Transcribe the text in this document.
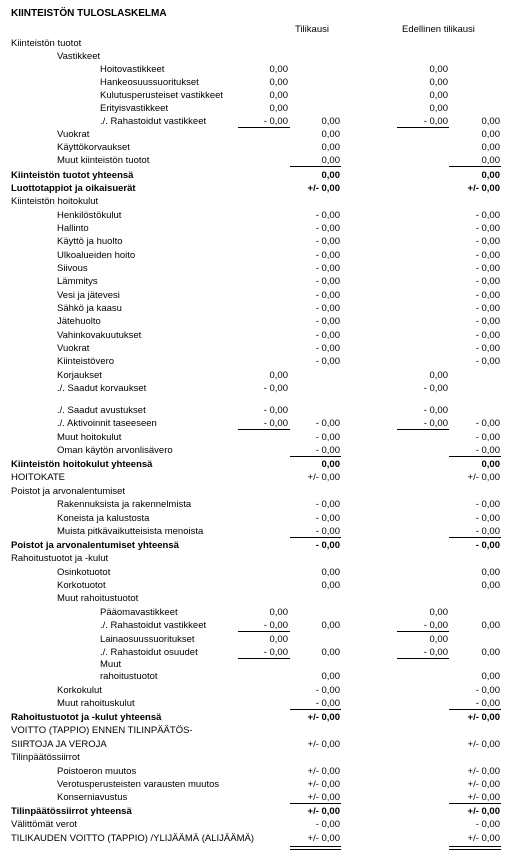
KIINTEISTÖN TULOSLASKELMA
Tilikausi	Edellinen tilikausi
Kiinteistön tuotot
Vastikkeet
Hoitovastikkeet	0,00	0,00
Hankeosuussuoritukset	0,00	0,00
Kulutusperusteiset vastikkeet	0,00	0,00
Erityisvastikkeet	0,00	0,00
./. Rahastoidut vastikkeet	- 0,00	0,00	- 0,00	0,00
Vuokrat	0,00	0,00
Käyttökorvaukset	0,00	0,00
Muut kiinteistön tuotot	0,00	0,00
Kiinteistön tuotot yhteensä	0,00	0,00
Luottotappiot ja oikaisuerät	+/- 0,00	+/- 0,00
Kiinteistön hoitokulut
Henkilöstökulut	- 0,00	- 0,00
Hallinto	- 0,00	- 0,00
Käyttö ja huolto	- 0,00	- 0,00
Ulkoalueiden hoito	- 0,00	- 0,00
Siivous	- 0,00	- 0,00
Lämmitys	- 0,00	- 0,00
Vesi ja jätevesi	- 0,00	- 0,00
Sähkö ja kaasu	- 0,00	- 0,00
Jätehuolto	- 0,00	- 0,00
Vahinkovakuutukset	- 0,00	- 0,00
Vuokrat	- 0,00	- 0,00
Kiinteistövero	- 0,00	- 0,00
Korjaukset	0,00	0,00
./. Saadut korvaukset	- 0,00	- 0,00
./. Saadut avustukset	- 0,00	- 0,00
./. Aktivoinnit taseeseen	- 0,00	- 0,00	- 0,00	- 0,00
Muut hoitokulut	- 0,00	- 0,00
Oman käytön arvonlisävero	- 0,00	- 0,00
Kiinteistön hoitokulut yhteensä	0,00	0,00
HOITOKATE	+/- 0,00	+/- 0,00
Poistot ja arvonalentumiset
Rakennuksista ja rakennelmista	- 0,00	- 0,00
Koneista ja kalustosta	- 0,00	- 0,00
Muista pitkävaikutteisista menoista	- 0,00	- 0,00
Poistot ja arvonalentumiset yhteensä	- 0,00	- 0,00
Rahoitustuotot ja -kulut
Osinkotuotot	0,00	0,00
Korkotuotot	0,00	0,00
Muut rahoitustuotot
Pääomavastikkeet	0,00	0,00
./. Rahastoidut vastikkeet	- 0,00	0,00	- 0,00	0,00
Lainaosuussuoritukset	0,00	0,00
./. Rahastoidut osuudet	- 0,00	0,00	- 0,00	0,00
Muut
rahoitustuotot	0,00	0,00
Korkokulut	- 0,00	- 0,00
Muut rahoituskulut	- 0,00	- 0,00
Rahoitustuotot ja -kulut yhteensä	+/- 0,00	+/- 0,00
VOITTO (TAPPIO) ENNEN TILINPÄÄTÖS-
SIIRTOJA JA VEROJA	+/- 0,00	+/- 0,00
Tilinpäätössiirrot
Poistoeron muutos	+/- 0,00	+/- 0,00
Verotusperusteisten varausten muutos	+/- 0,00	+/- 0,00
Konserniavustus	+/- 0,00	+/- 0,00
Tilinpäätössiirrot yhteensä	+/- 0,00	+/- 0,00
Välittömät verot	- 0,00	- 0,00
TILIKAUDEN VOITTO (TAPPIO) /YLIJÄÄMÄ (ALIJÄÄMÄ)	+/- 0,00	+/- 0,00
